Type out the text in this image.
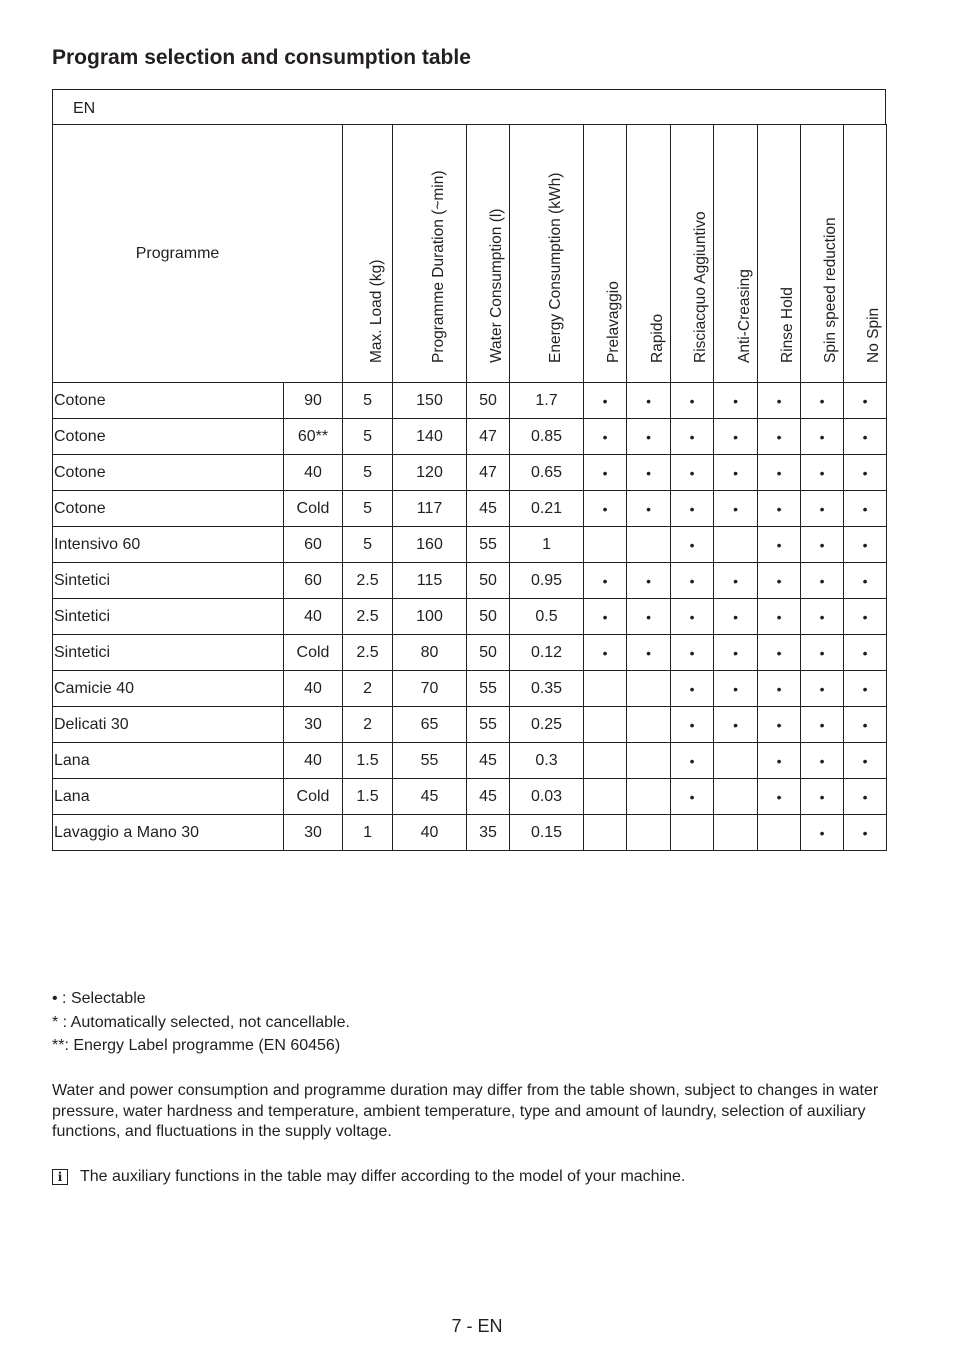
Program selection and consumption table
EN
Programme		Max. Load (kg)	Programme Duration (~min)	Water Consumption (l)	Energy Consumption (kWh)	Prelavaggio	Rapido	Risciacquo Aggiuntivo	Anti-Creasing	Rinse Hold	Spin speed reduction	No Spin

Cotone	90	5	150	50	1.7	•	•	•	•	•	•	•
Cotone	60**	5	140	47	0.85	•	•	•	•	•	•	•
Cotone	40	5	120	47	0.65	•	•	•	•	•	•	•
Cotone	Cold	5	117	45	0.21	•	•	•	•	•	•	•
Intensivo 60	60	5	160	55	1			•		•	•	•
Sintetici	60	2.5	115	50	0.95	•	•	•	•	•	•	•
Sintetici	40	2.5	100	50	0.5	•	•	•	•	•	•	•
Sintetici	Cold	2.5	80	50	0.12	•	•	•	•	•	•	•
Camicie 40	40	2	70	55	0.35			•	•	•	•	•
Delicati 30	30	2	65	55	0.25			•	•	•	•	•
Lana	40	1.5	55	45	0.3			•		•	•	•
Lana	Cold	1.5	45	45	0.03			•		•	•	•
Lavaggio a Mano 30	30	1	40	35	0.15						•	•
• : Selectable
* : Automatically selected, not cancellable.
**: Energy Label programme (EN 60456)

Water and power consumption and programme duration may differ from the table shown, subject to changes in water pressure, water hardness and temperature, ambient temperature, type and amount of laundry, selection of auxiliary functions, and fluctuations in the supply voltage.

i	The auxiliary functions in the table may differ according to the model of your machine.
7 - EN
